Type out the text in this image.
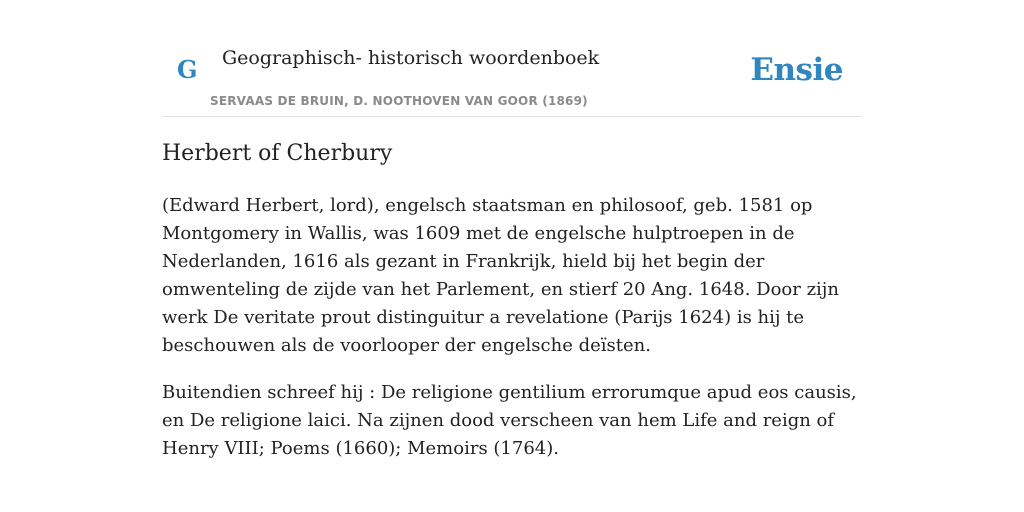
G Geographisch- historisch woordenboek
SERVAAS DE BRUIN, D. NOOTHOVEN VAN GOOR (1869)
Ensie
Herbert of Cherbury

(Edward Herbert, lord), engelsch staatsman en philosoof, geb. 1581 op Montgomery in Wallis, was 1609 met de engelsche hulptroepen in de Nederlanden, 1616 als gezant in Frankrijk, hield bij het begin der omwenteling de zijde van het Parlement, en stierf 20 Ang. 1648. Door zijn werk De veritate prout distinguitur a revelatione (Parijs 1624) is hij te beschouwen als de voorlooper der engelsche deïsten.

Buitendien schreef hij : De religione gentilium errorumque apud eos causis, en De religione laici. Na zijnen dood verscheen van hem Life and reign of Henry VIII; Poems (1660); Memoirs (1764).
